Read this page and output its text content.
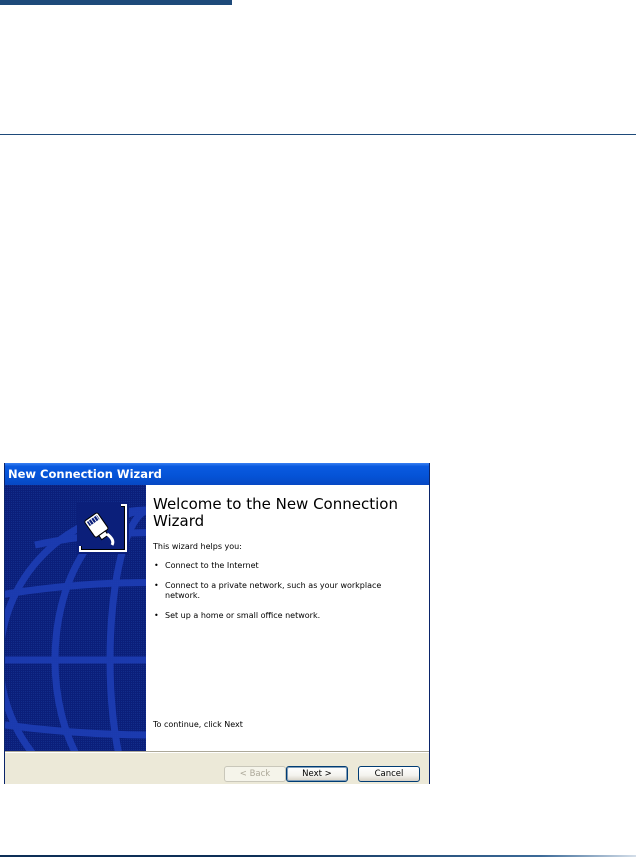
New Connection Wizard
Welcome to the New Connection Wizard
This wizard helps you:
• Connect to the Internet
• Connect to a private network, such as your workplace network.
• Set up a home or small office network.
To continue, click Next
< Back	Next >	Cancel
